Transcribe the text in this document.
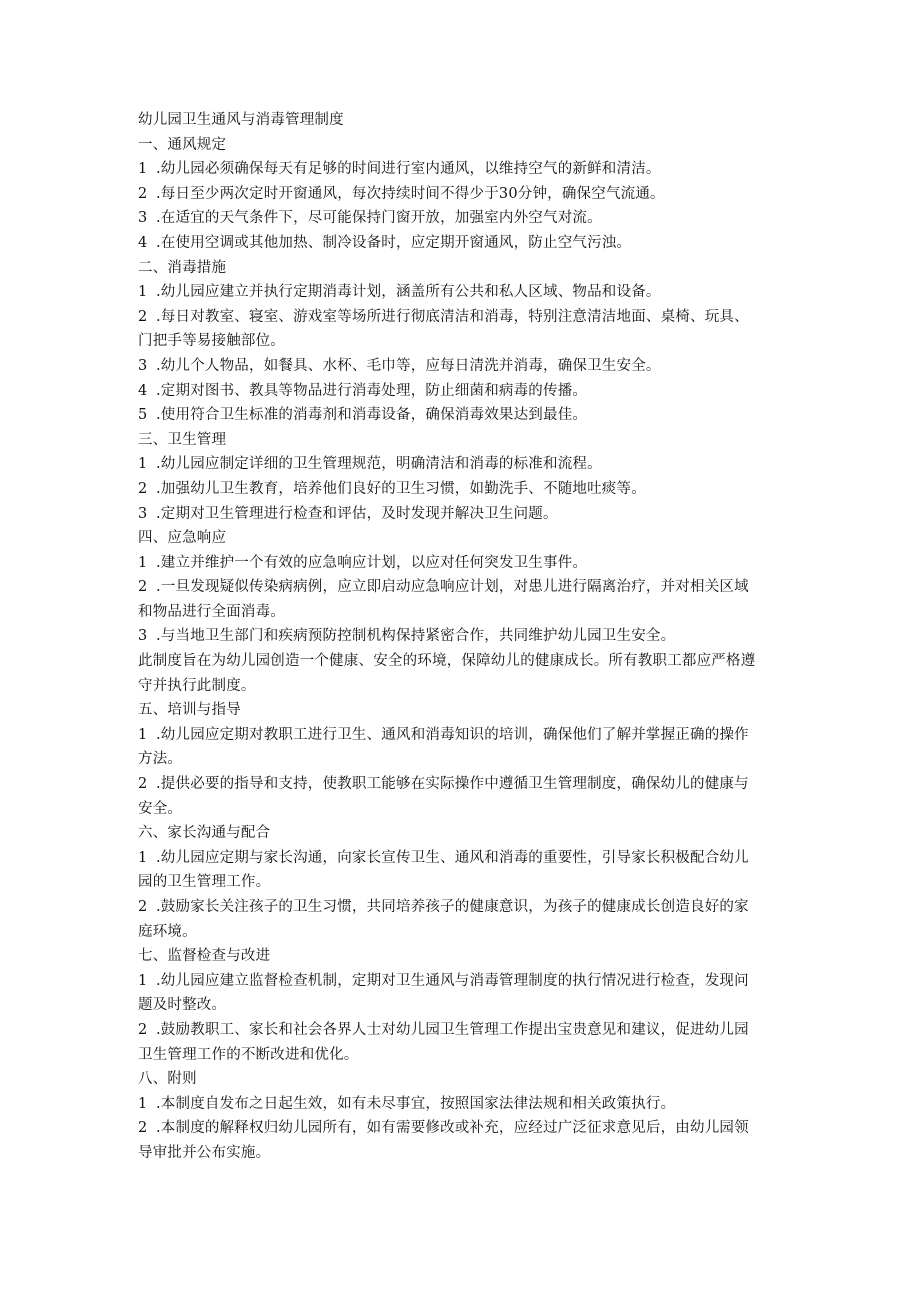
幼儿园卫生通风与消毒管理制度
一、通风规定
1 .幼儿园必须确保每天有足够的时间进行室内通风，以维持空气的新鲜和清洁。
2 .每日至少两次定时开窗通风，每次持续时间不得少于30分钟，确保空气流通。
3 .在适宜的天气条件下，尽可能保持门窗开放，加强室内外空气对流。
4 .在使用空调或其他加热、制冷设备时，应定期开窗通风，防止空气污浊。
二、消毒措施
1 .幼儿园应建立并执行定期消毒计划，涵盖所有公共和私人区域、物品和设备。
2 .每日对教室、寝室、游戏室等场所进行彻底清洁和消毒，特别注意清洁地面、桌椅、玩具、
门把手等易接触部位。
3 .幼儿个人物品，如餐具、水杯、毛巾等，应每日清洗并消毒，确保卫生安全。
4 .定期对图书、教具等物品进行消毒处理，防止细菌和病毒的传播。
5 .使用符合卫生标准的消毒剂和消毒设备，确保消毒效果达到最佳。
三、卫生管理
1 .幼儿园应制定详细的卫生管理规范，明确清洁和消毒的标准和流程。
2 .加强幼儿卫生教育，培养他们良好的卫生习惯，如勤洗手、不随地吐痰等。
3 .定期对卫生管理进行检查和评估，及时发现并解决卫生问题。
四、应急响应
1 .建立并维护一个有效的应急响应计划，以应对任何突发卫生事件。
2 .一旦发现疑似传染病病例，应立即启动应急响应计划，对患儿进行隔离治疗，并对相关区域
和物品进行全面消毒。
3 .与当地卫生部门和疾病预防控制机构保持紧密合作，共同维护幼儿园卫生安全。
此制度旨在为幼儿园创造一个健康、安全的环境，保障幼儿的健康成长。所有教职工都应严格遵
守并执行此制度。
五、培训与指导
1 .幼儿园应定期对教职工进行卫生、通风和消毒知识的培训，确保他们了解并掌握正确的操作
方法。
2 .提供必要的指导和支持，使教职工能够在实际操作中遵循卫生管理制度，确保幼儿的健康与
安全。
六、家长沟通与配合
1 .幼儿园应定期与家长沟通，向家长宣传卫生、通风和消毒的重要性，引导家长积极配合幼儿
园的卫生管理工作。
2 .鼓励家长关注孩子的卫生习惯，共同培养孩子的健康意识，为孩子的健康成长创造良好的家
庭环境。
七、监督检查与改进
1 .幼儿园应建立监督检查机制，定期对卫生通风与消毒管理制度的执行情况进行检查，发现问
题及时整改。
2 .鼓励教职工、家长和社会各界人士对幼儿园卫生管理工作提出宝贵意见和建议，促进幼儿园
卫生管理工作的不断改进和优化。
八、附则
1 .本制度自发布之日起生效，如有未尽事宜，按照国家法律法规和相关政策执行。
2 .本制度的解释权归幼儿园所有，如有需要修改或补充，应经过广泛征求意见后，由幼儿园领
导审批并公布实施。
